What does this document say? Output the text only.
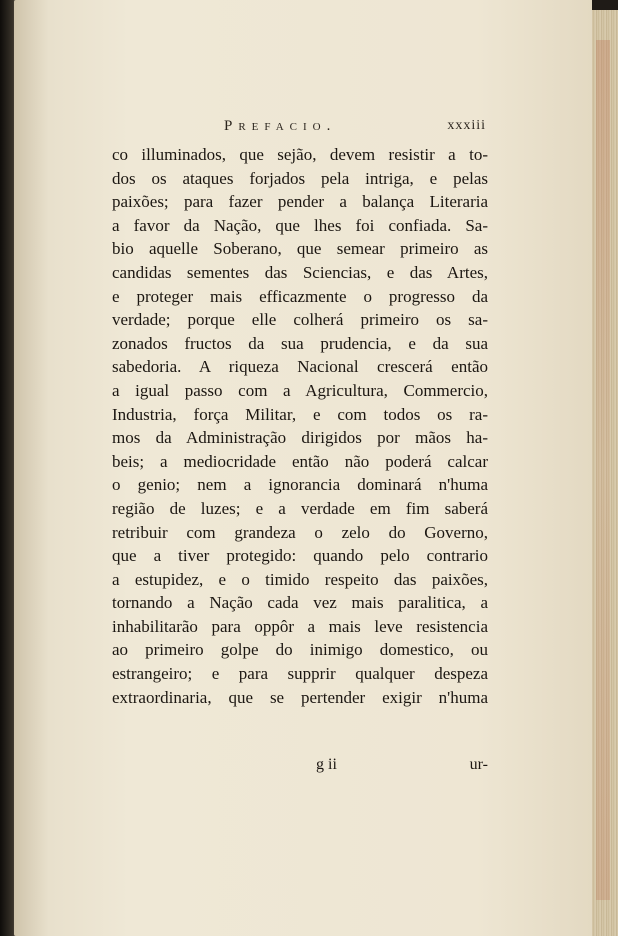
Prefacio.	xxxiii
co illuminados, que sejão, devem resistir a to-
dos os ataques forjados pela intriga, e pelas
paixões; para fazer pender a balança Literaria
a favor da Nação, que lhes foi confiada. Sa-
bio aquelle Soberano, que semear primeiro as
candidas sementes das Sciencias, e das Artes,
e proteger mais efficazmente o progresso da
verdade; porque elle colherá primeiro os sa-
zonados fructos da sua prudencia, e da sua
sabedoria. A riqueza Nacional crescerá então
a igual passo com a Agricultura, Commercio,
Industria, força Militar, e com todos os ra-
mos da Administração dirigidos por mãos ha-
beis; a mediocridade então não poderá calcar
o genio; nem a ignorancia dominará n'huma
região de luzes; e a verdade em fim saberá
retribuir com grandeza o zelo do Governo,
que a tiver protegido: quando pelo contrario
a estupidez, e o timido respeito das paixões,
tornando a Nação cada vez mais paralitica, a
inhabilitarão para oppôr a mais leve resistencia
ao primeiro golpe do inimigo domestico, ou
estrangeiro; e para supprir qualquer despeza
extraordinaria, que se pertender exigir n'huma
g ii	ur-
